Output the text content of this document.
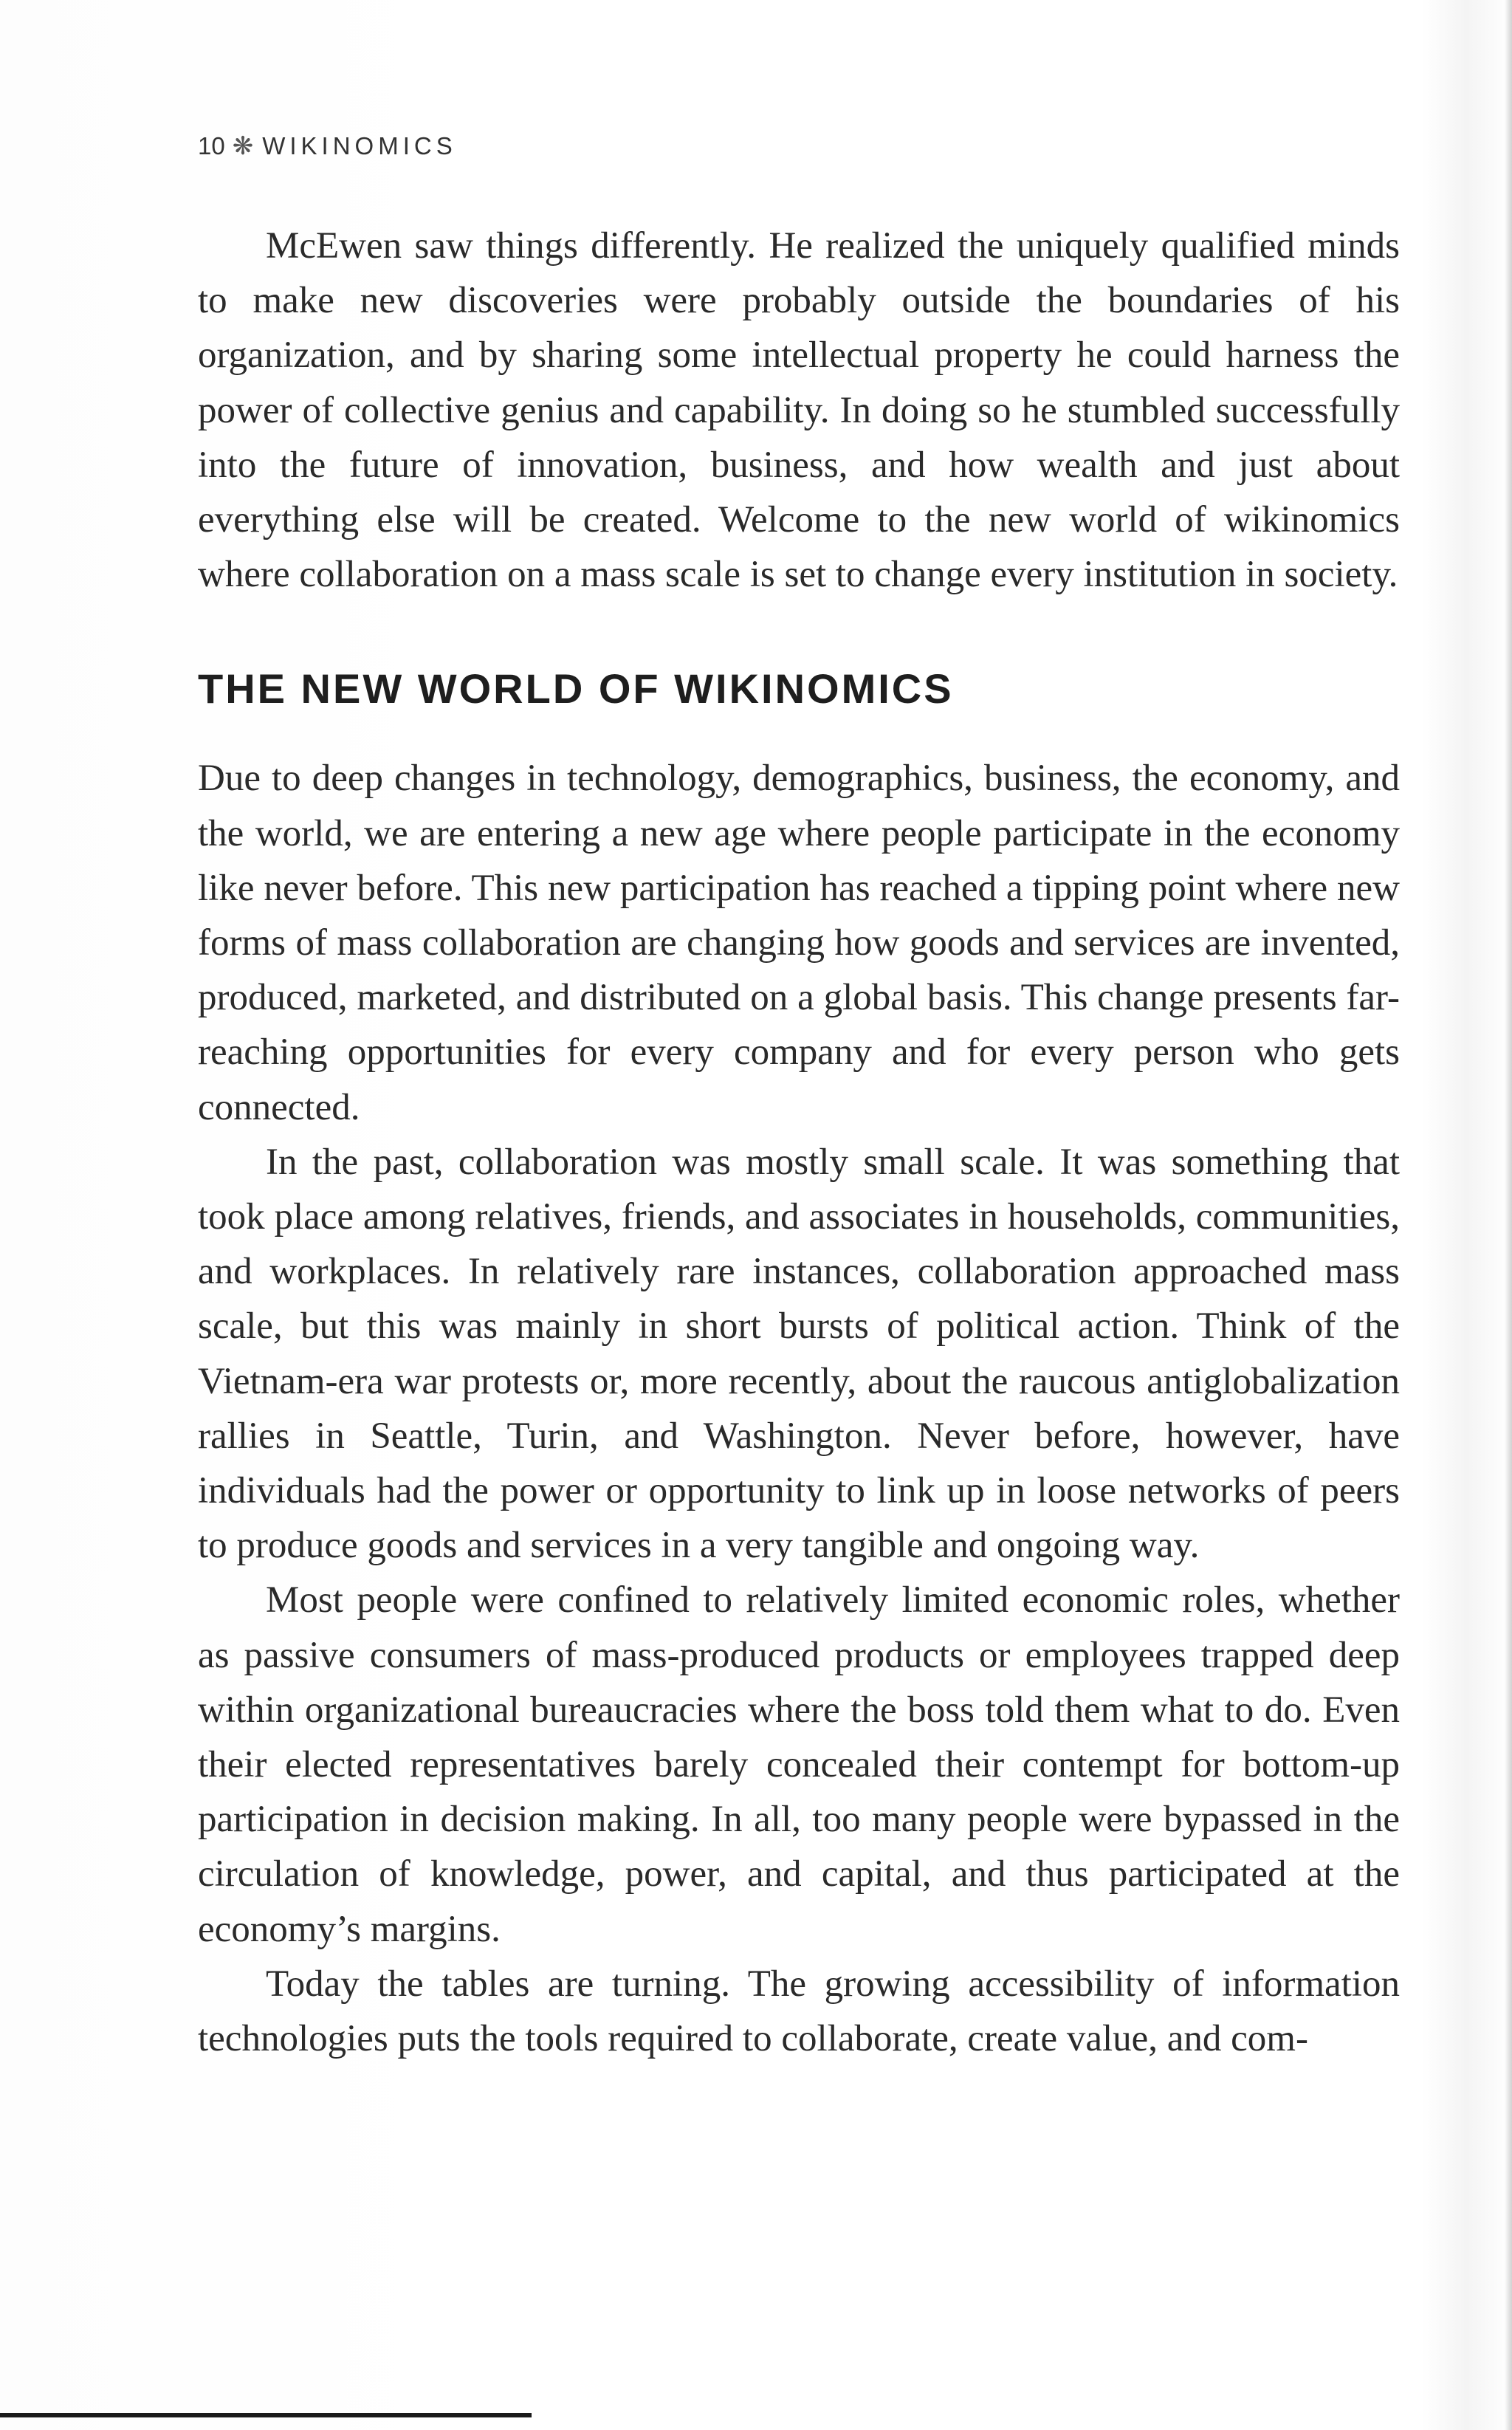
10 ❋ WIKINOMICS

McEwen saw things differently. He realized the uniquely qualified minds to make new discoveries were probably outside the boundaries of his organization, and by sharing some intellectual property he could harness the power of collective genius and capability. In doing so he stumbled successfully into the future of innovation, business, and how wealth and just about everything else will be created. Welcome to the new world of wikinomics where collaboration on a mass scale is set to change every institution in society.

THE NEW WORLD OF WIKINOMICS

Due to deep changes in technology, demographics, business, the economy, and the world, we are entering a new age where people participate in the economy like never before. This new participation has reached a tipping point where new forms of mass collaboration are changing how goods and services are invented, produced, marketed, and distributed on a global basis. This change presents far-reaching opportunities for every company and for every person who gets connected.

In the past, collaboration was mostly small scale. It was something that took place among relatives, friends, and associates in households, communities, and workplaces. In relatively rare instances, collaboration approached mass scale, but this was mainly in short bursts of political action. Think of the Vietnam-era war protests or, more recently, about the raucous antiglobalization rallies in Seattle, Turin, and Washington. Never before, however, have individuals had the power or opportunity to link up in loose networks of peers to produce goods and services in a very tangible and ongoing way.

Most people were confined to relatively limited economic roles, whether as passive consumers of mass-produced products or employees trapped deep within organizational bureaucracies where the boss told them what to do. Even their elected representatives barely concealed their contempt for bottom-up participation in decision making. In all, too many people were bypassed in the circulation of knowledge, power, and capital, and thus participated at the economy’s margins.

Today the tables are turning. The growing accessibility of information technologies puts the tools required to collaborate, create value, and com-
